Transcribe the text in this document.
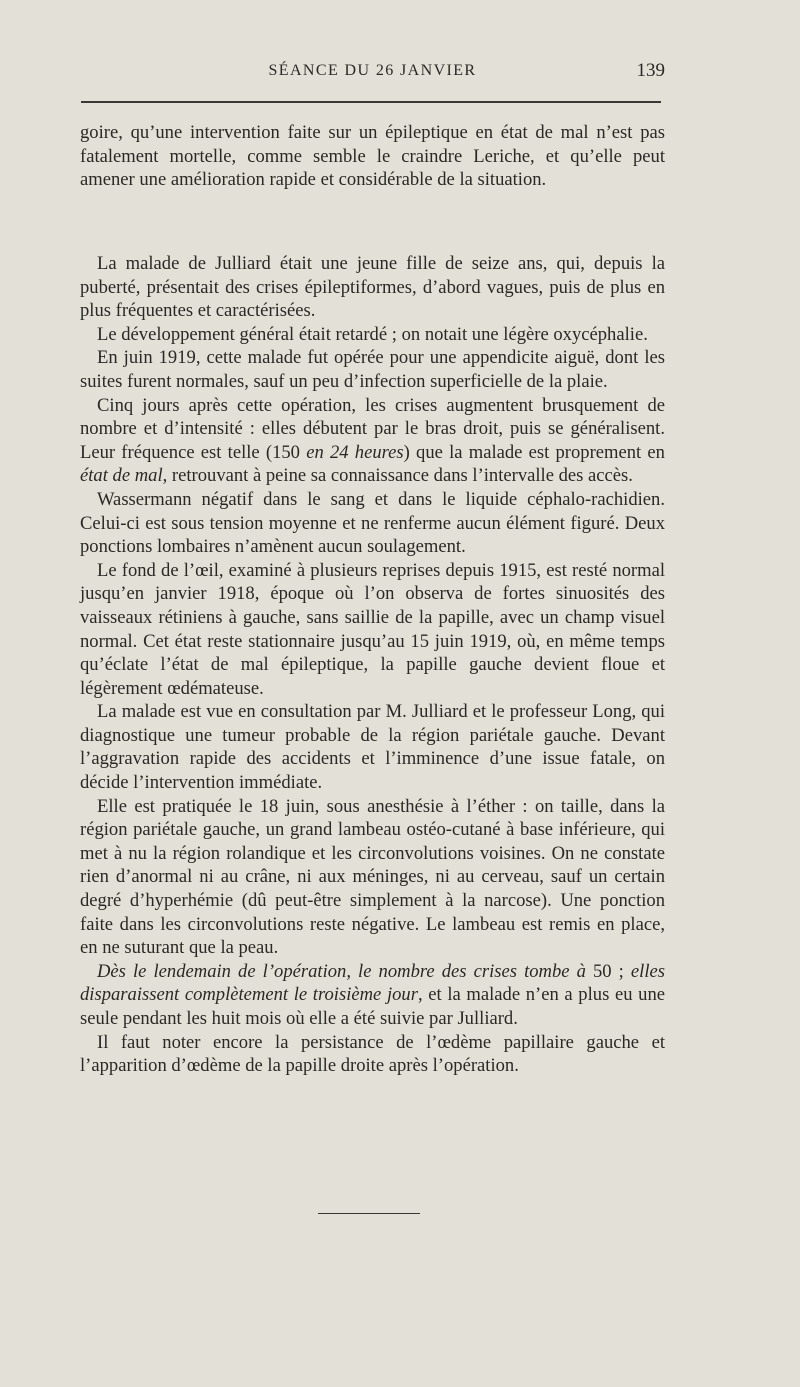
SÉANCE DU 26 JANVIER	139

goire, qu’une intervention faite sur un épileptique en état de mal n’est pas fatalement mortelle, comme semble le craindre Leriche, et qu’elle peut amener une amélioration rapide et considérable de la situation.

La malade de Julliard était une jeune fille de seize ans, qui, depuis la puberté, présentait des crises épileptiformes, d’abord vagues, puis de plus en plus fréquentes et caractérisées.

Le développement général était retardé ; on notait une légère oxycéphalie.

En juin 1919, cette malade fut opérée pour une appendicite aiguë, dont les suites furent normales, sauf un peu d’infection superficielle de la plaie.

Cinq jours après cette opération, les crises augmentent brusquement de nombre et d’intensité : elles débutent par le bras droit, puis se généralisent. Leur fréquence est telle (150 en 24 heures) que la malade est proprement en état de mal, retrouvant à peine sa connaissance dans l’intervalle des accès.

Wassermann négatif dans le sang et dans le liquide céphalo-rachidien. Celui-ci est sous tension moyenne et ne renferme aucun élément figuré. Deux ponctions lombaires n’amènent aucun soulagement.

Le fond de l’œil, examiné à plusieurs reprises depuis 1915, est resté normal jusqu’en janvier 1918, époque où l’on observa de fortes sinuosités des vaisseaux rétiniens à gauche, sans saillie de la papille, avec un champ visuel normal. Cet état reste stationnaire jusqu’au 15 juin 1919, où, en même temps qu’éclate l’état de mal épileptique, la papille gauche devient floue et légèrement œdémateuse.

La malade est vue en consultation par M. Julliard et le professeur Long, qui diagnostique une tumeur probable de la région pariétale gauche. Devant l’aggravation rapide des accidents et l’imminence d’une issue fatale, on décide l’intervention immédiate.

Elle est pratiquée le 18 juin, sous anesthésie à l’éther : on taille, dans la région pariétale gauche, un grand lambeau ostéo-cutané à base inférieure, qui met à nu la région rolandique et les circonvolutions voisines. On ne constate rien d’anormal ni au crâne, ni aux méninges, ni au cerveau, sauf un certain degré d’hyperhémie (dû peut-être simplement à la narcose). Une ponction faite dans les circonvolutions reste négative. Le lambeau est remis en place, en ne suturant que la peau.

Dès le lendemain de l’opération, le nombre des crises tombe à 50 ; elles disparaissent complètement le troisième jour, et la malade n’en a plus eu une seule pendant les huit mois où elle a été suivie par Julliard.

Il faut noter encore la persistance de l’œdème papillaire gauche et l’apparition d’œdème de la papille droite après l’opération.
